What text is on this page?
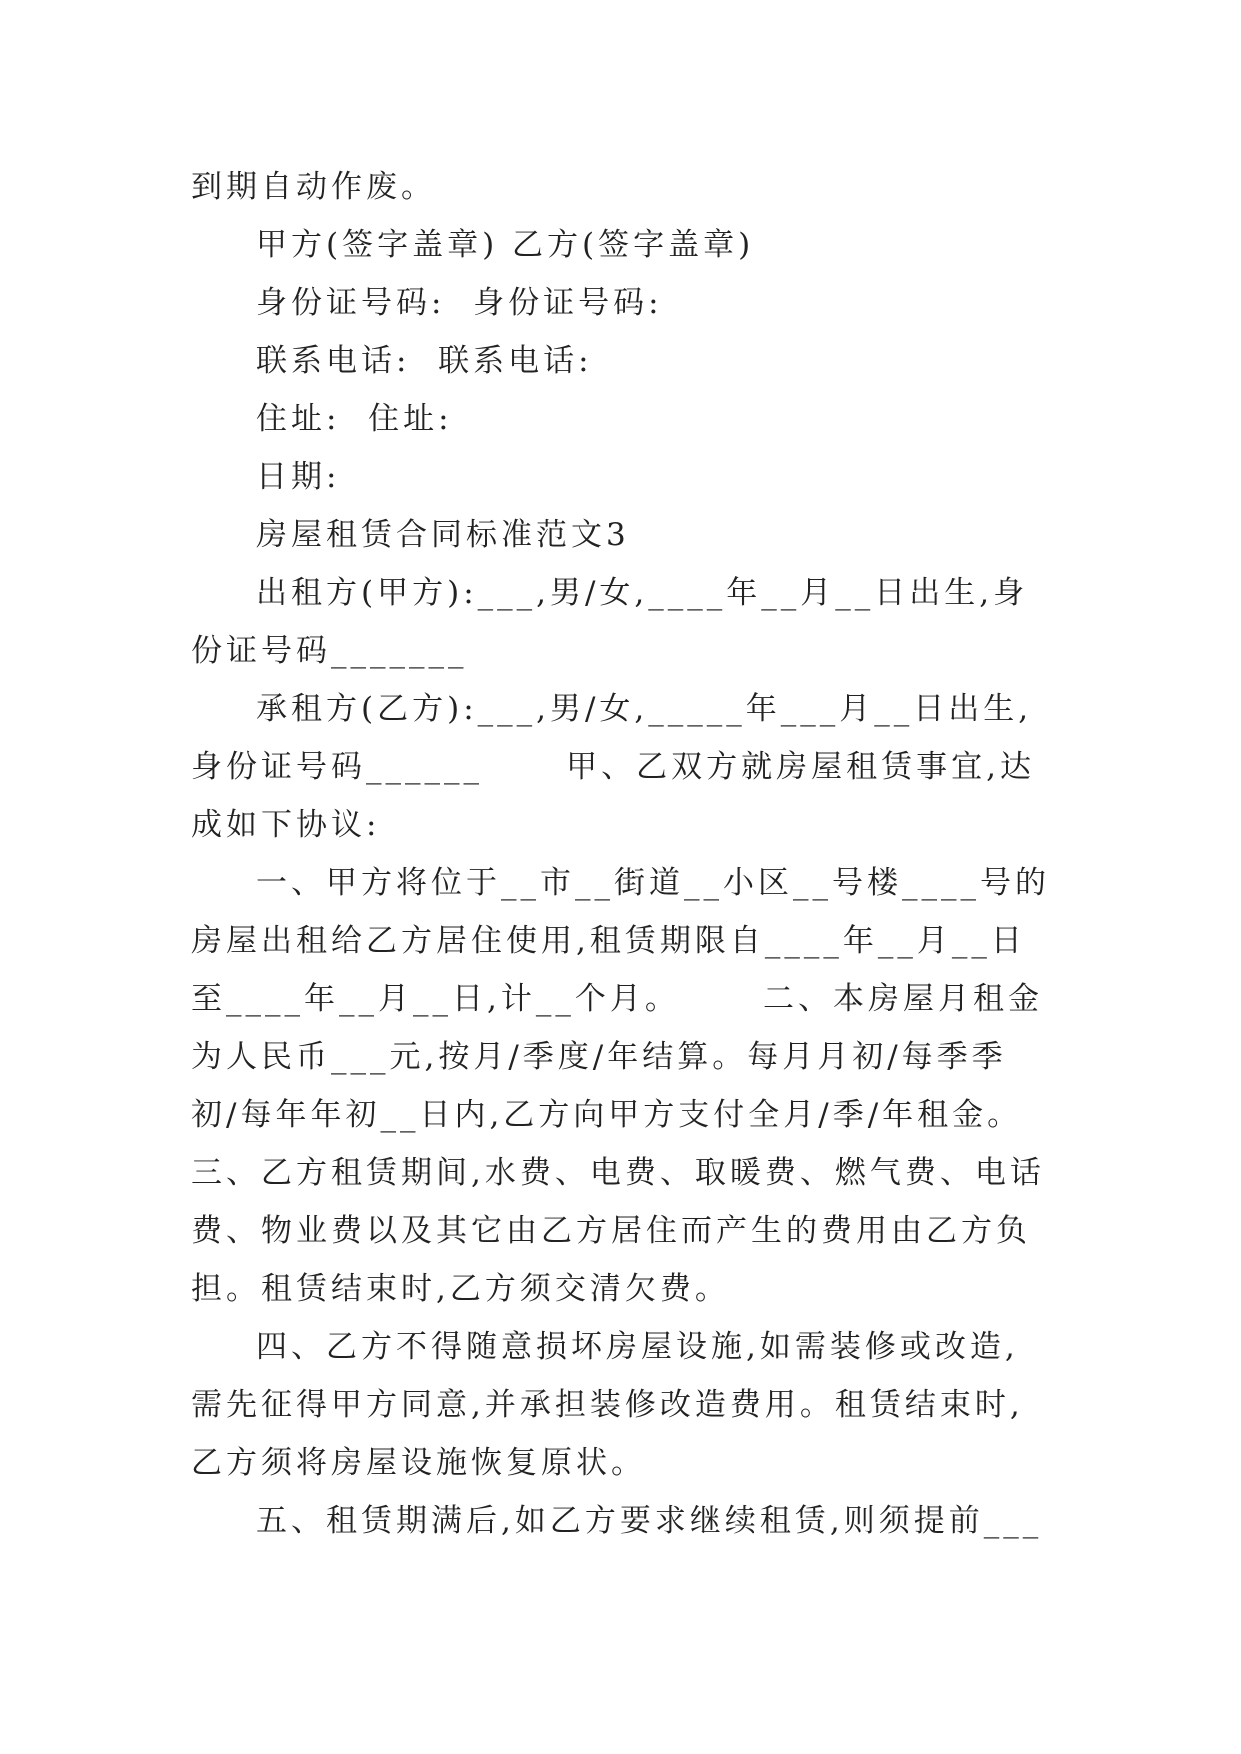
到期自动作废。

甲方(签字盖章) 乙方(签字盖章)

身份证号码:  身份证号码:

联系电话:  联系电话:

住址:  住址:

日期:

房屋租赁合同标准范文3

出租方(甲方):___,男/女,____年__月__日出生,身份证号码_______

承租方(乙方):___,男/女,_____年___月__日出生,身份证号码______      甲、乙双方就房屋租赁事宜,达成如下协议:

一、甲方将位于__市__街道__小区__号楼____号的房屋出租给乙方居住使用,租赁期限自____年__月__日至____年__月__日,计__个月。      二、本房屋月租金为人民币___元,按月/季度/年结算。每月月初/每季季初/每年年初__日内,乙方向甲方支付全月/季/年租金。      三、乙方租赁期间,水费、电费、取暖费、燃气费、电话费、物业费以及其它由乙方居住而产生的费用由乙方负担。租赁结束时,乙方须交清欠费。

四、乙方不得随意损坏房屋设施,如需装修或改造,需先征得甲方同意,并承担装修改造费用。租赁结束时,乙方须将房屋设施恢复原状。

五、租赁期满后,如乙方要求继续租赁,则须提前___
